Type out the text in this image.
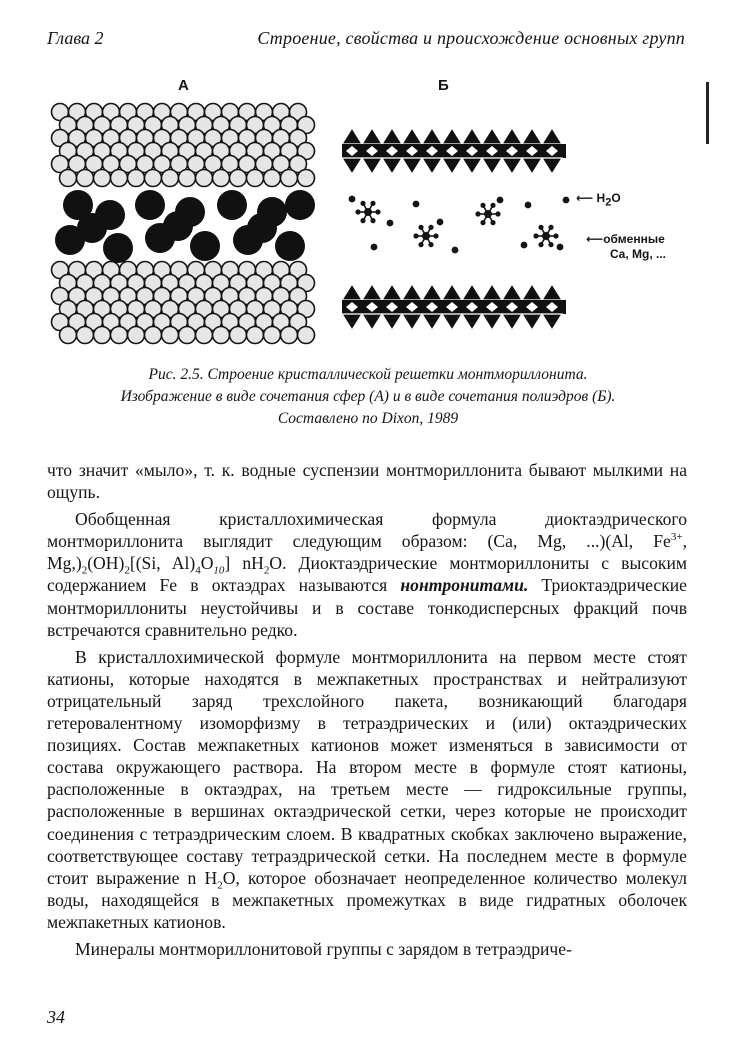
Глава 2	Строение, свойства и происхождение основных групп
А	Б
⟵ $H_2O$
⟵обменные
Ca, Mg, ...
Рис. 2.5. Строение кристаллической решетки монтмориллонита.
Изображение в виде сочетания сфер (А) и в виде сочетания полиэдров (Б).
Составлено по Dixon, 1989

что значит «мыло», т. к. водные суспензии монтмориллонита бывают мылкими на ощупь.

Обобщенная кристаллохимическая формула диоктаэдрического монтмориллонита выглядит следующим образом: (Ca, Mg, ...)(Al, $Fe^{3+}$, $Mg,)_2(OH)_2[(Si$, $Al)_4O_{10}$] $nH_2O$. Диоктаэдрические монтмориллониты с высоким содержанием Fe в октаэдрах называются нонтронитами. Триоктаэдрические монтмориллониты неустойчивы и в составе тонкодисперсных фракций почв встречаются сравнительно редко.

В кристаллохимической формуле монтмориллонита на первом месте стоят катионы, которые находятся в межпакетных пространствах и нейтрализуют отрицательный заряд трехслойного пакета, возникающий благодаря гетеровалентному изоморфизму в тетраэдрических и (или) октаэдрических позициях. Состав межпакетных катионов может изменяться в зависимости от состава окружающего раствора. На втором месте в формуле стоят катионы, расположенные в октаэдрах, на третьем месте — гидроксильные группы, расположенные в вершинах октаэдрической сетки, через которые не происходит соединения с тетраэдрическим слоем. В квадратных скобках заключено выражение, соответствующее составу тетраэдрической сетки. На последнем месте в формуле стоит выражение n $H_2O$, которое обозначает неопределенное количество молекул воды, находящейся в межпакетных промежутках в виде гидратных оболочек межпакетных катионов.

Минералы монтмориллонитовой группы с зарядом в тетраэдриче-

34
